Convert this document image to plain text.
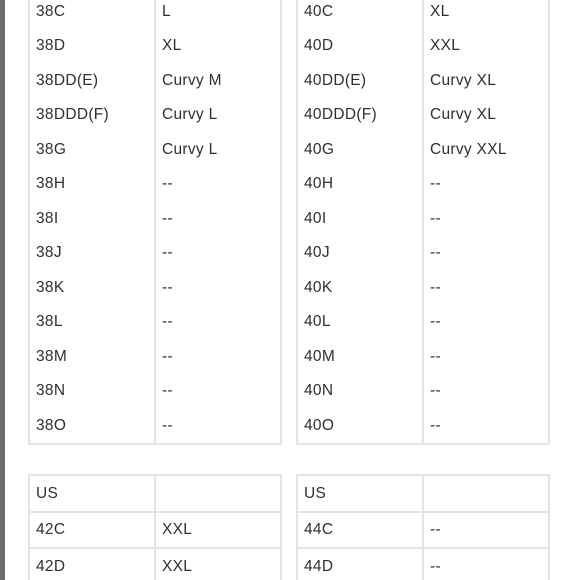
38C	L
38D	XL
38DD(E)	Curvy M
38DDD(F)	Curvy L
38G	Curvy L
38H	--
38I	--
38J	--
38K	--
38L	--
38M	--
38N	--
38O	--
40C	XL
40D	XXL
40DD(E)	Curvy XL
40DDD(F)	Curvy XL
40G	Curvy XXL
40H	--
40I	--
40J	--
40K	--
40L	--
40M	--
40N	--
40O	--
US	
42C	XXL
42D	XXL
US	
44C	--
44D	--
